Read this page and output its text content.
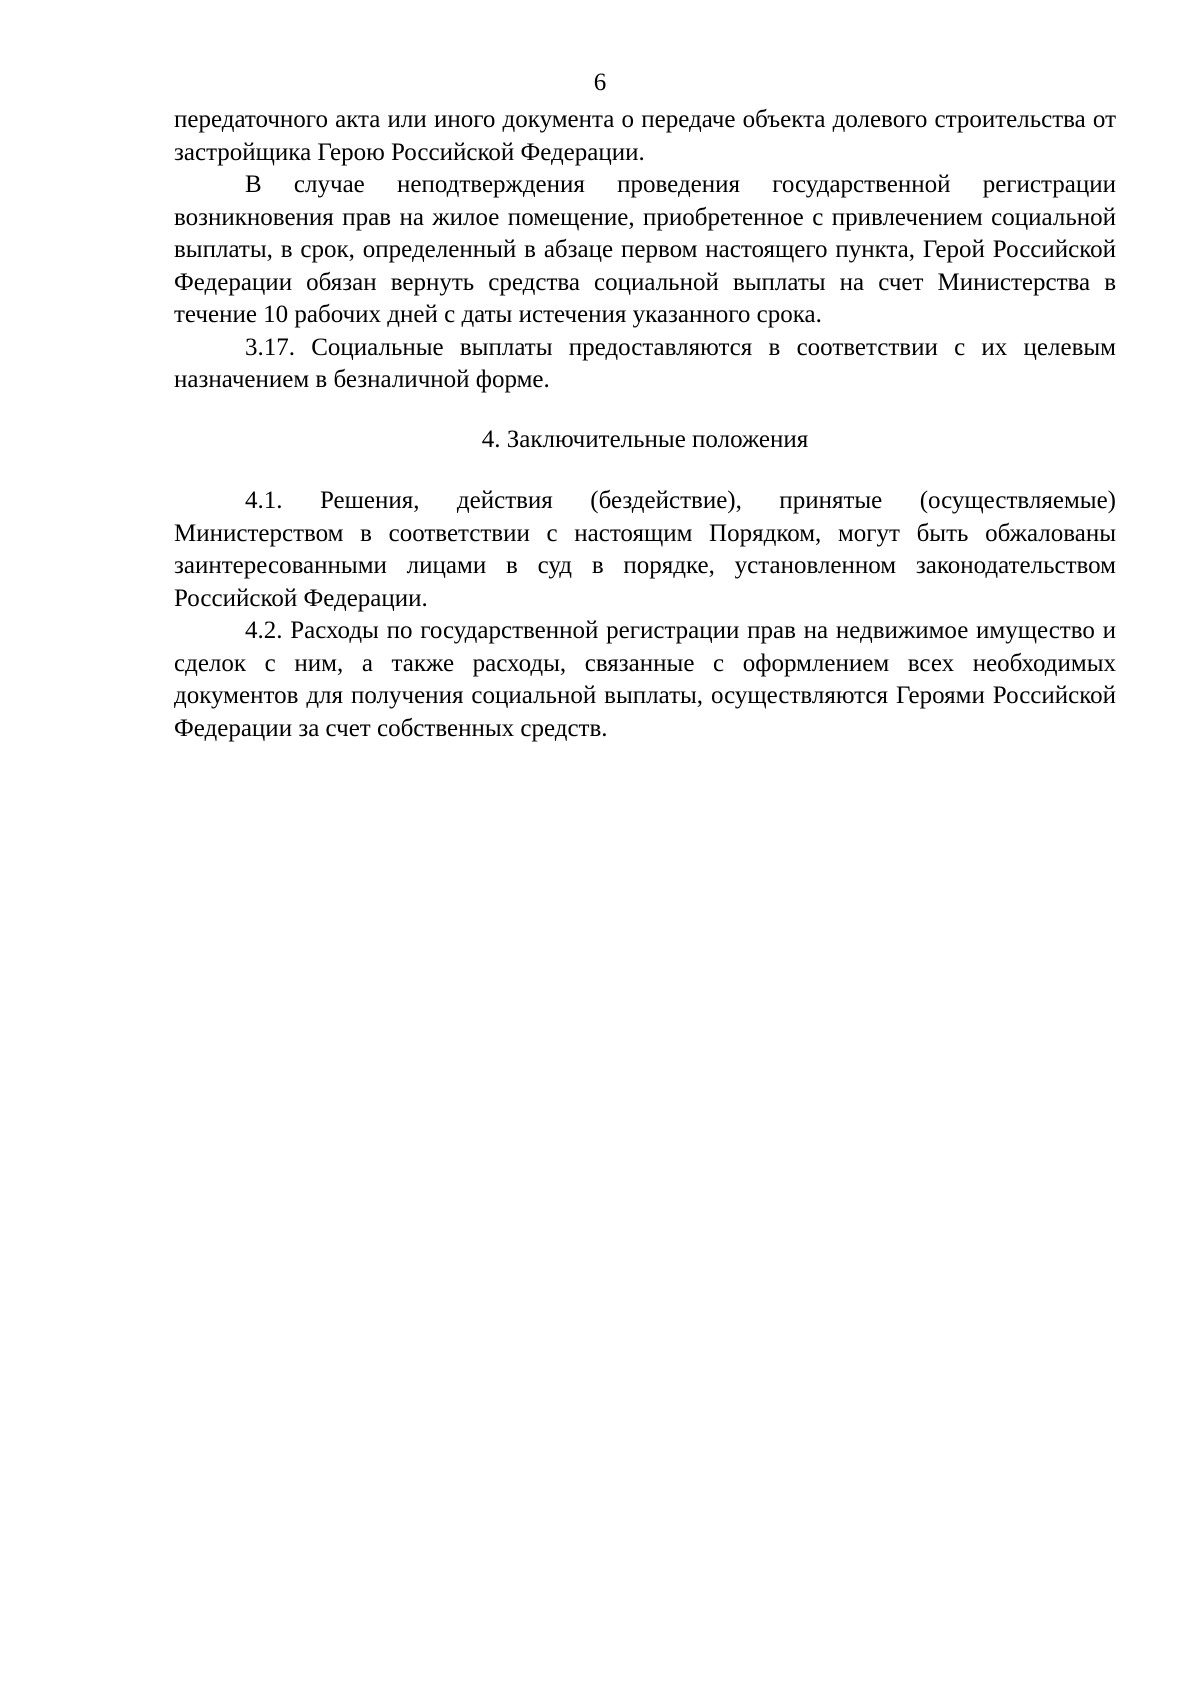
6

передаточного акта или иного документа о передаче объекта долевого строительства от застройщика Герою Российской Федерации.

В случае неподтверждения проведения государственной регистрации возникновения прав на жилое помещение, приобретенное с привлечением социальной выплаты, в срок, определенный в абзаце первом настоящего пункта, Герой Российской Федерации обязан вернуть средства социальной выплаты на счет Министерства в течение 10 рабочих дней с даты истечения указанного срока.

3.17. Социальные выплаты предоставляются в соответствии с их целевым назначением в безналичной форме.

4. Заключительные положения

4.1. Решения, действия (бездействие), принятые (осуществляемые) Министерством в соответствии с настоящим Порядком, могут быть обжалованы заинтересованными лицами в суд в порядке, установленном законодательством Российской Федерации.

4.2. Расходы по государственной регистрации прав на недвижимое имущество и сделок с ним, а также расходы, связанные с оформлением всех необходимых документов для получения социальной выплаты, осуществляются Героями Российской Федерации за счет собственных средств.
